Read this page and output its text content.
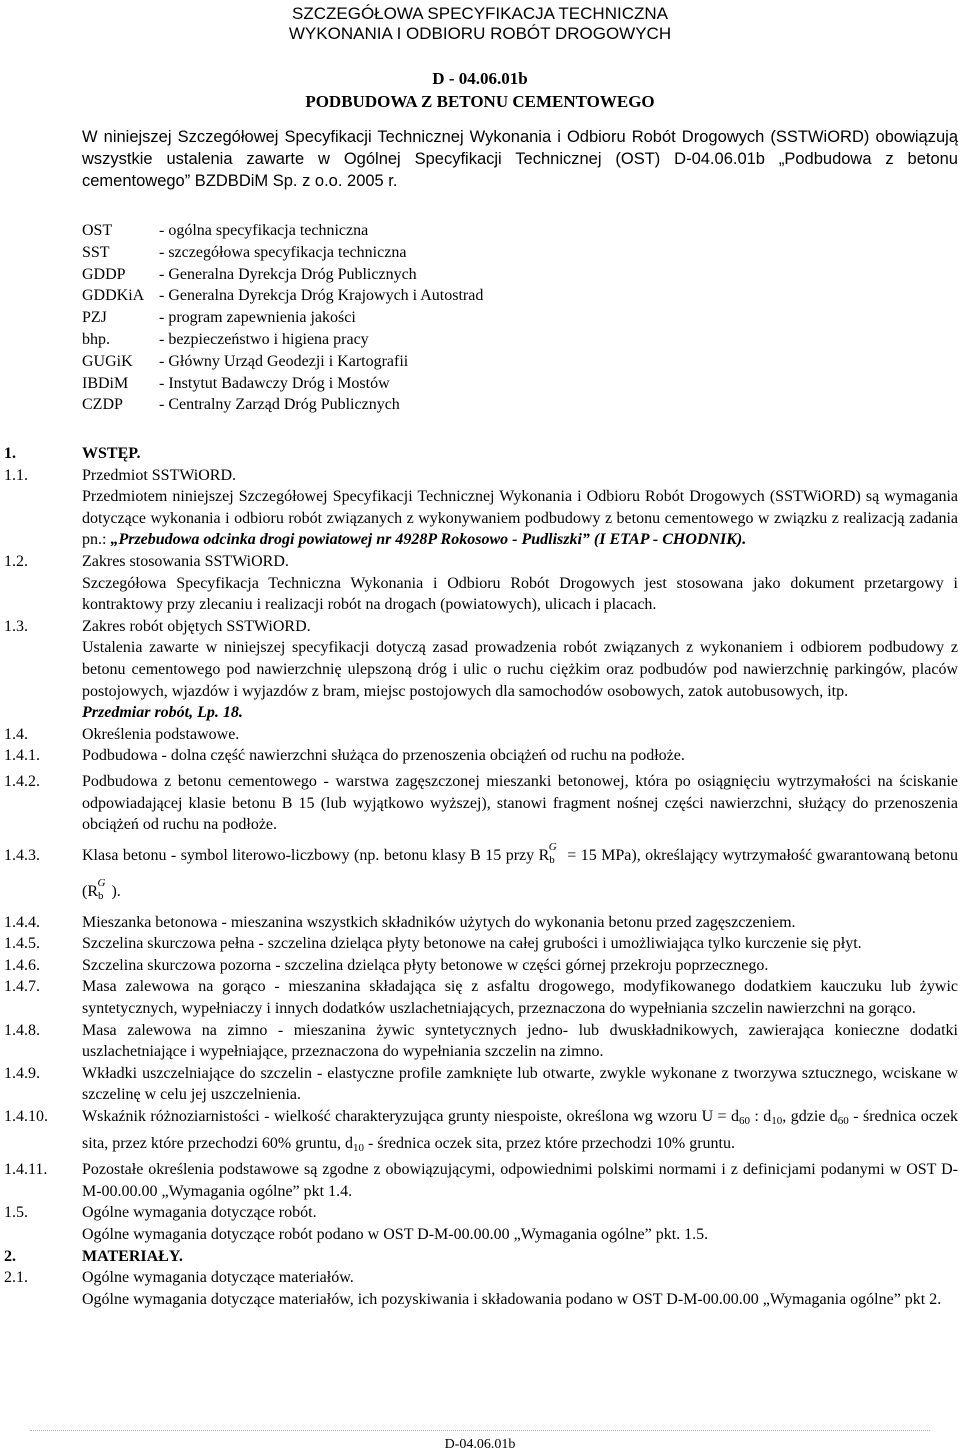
SZCZEGÓŁOWA SPECYFIKACJA TECHNICZNA
WYKONANIA I ODBIORU ROBÓT DROGOWYCH
D - 04.06.01b
PODBUDOWA Z BETONU CEMENTOWEGO
W niniejszej Szczegółowej Specyfikacji Technicznej Wykonania i Odbioru Robót Drogowych (SSTWiORD) obowiązują wszystkie ustalenia zawarte w Ogólnej Specyfikacji Technicznej (OST) D-04.06.01b „Podbudowa z betonu cementowego” BZDBDiM Sp. z o.o. 2005 r.
OST	- ogólna specyfikacja techniczna
SST	- szczegółowa specyfikacja techniczna
GDDP	- Generalna Dyrekcja Dróg Publicznych
GDDKiA - Generalna Dyrekcja Dróg Krajowych i Autostrad
PZJ	- program zapewnienia jakości
bhp.	- bezpieczeństwo i higiena pracy
GUGiK	- Główny Urząd Geodezji i Kartografii
IBDiM	- Instytut Badawczy Dróg i Mostów
CZDP	- Centralny Zarząd Dróg Publicznych
1.	WSTĘP.
1.1.	Przedmiot SSTWiORD.
Przedmiotem niniejszej Szczegółowej Specyfikacji Technicznej Wykonania i Odbioru Robót Drogowych (SSTWiORD) są wymagania dotyczące wykonania i odbioru robót związanych z wykonywaniem podbudowy z betonu cementowego w związku z realizacją zadania pn.: „Przebudowa odcinka drogi powiatowej nr 4928P Rokosowo - Pudliszki” (I ETAP - CHODNIK).
1.2.	Zakres stosowania SSTWiORD.
Szczegółowa Specyfikacja Techniczna Wykonania i Odbioru Robót Drogowych jest stosowana jako dokument przetargowy i kontraktowy przy zlecaniu i realizacji robót na drogach (powiatowych), ulicach i placach.
1.3.	Zakres robót objętych SSTWiORD.
Ustalenia zawarte w niniejszej specyfikacji dotyczą zasad prowadzenia robót związanych z wykonaniem i odbiorem podbudowy z betonu cementowego pod nawierzchnię ulepszoną dróg i ulic o ruchu ciężkim oraz podbudów pod nawierzchnię parkingów, placów postojowych, wjazdów i wyjazdów z bram, miejsc postojowych dla samochodów osobowych, zatok autobusowych, itp.
Przedmiar robót, Lp. 18.
1.4.	Określenia podstawowe.
1.4.1.	Podbudowa - dolna część nawierzchni służąca do przenoszenia obciążeń od ruchu na podłoże.
1.4.2.	Podbudowa z betonu cementowego - warstwa zagęszczonej mieszanki betonowej, która po osiągnięciu wytrzymałości na ściskanie odpowiadającej klasie betonu B 15 (lub wyjątkowo wyższej), stanowi fragment nośnej części nawierzchni, służący do przenoszenia obciążeń od ruchu na podłoże.
1.4.3.	Klasa betonu - symbol literowo-liczbowy (np. betonu klasy B 15 przy $R_b^G = 15$ MPa), określający wytrzymałość gwarantowaną betonu ($R_b^G$ ).
1.4.4.	Mieszanka betonowa - mieszanina wszystkich składników użytych do wykonania betonu przed zagęszczeniem.
1.4.5.	Szczelina skurczowa pełna - szczelina dzieląca płyty betonowe na całej grubości i umożliwiająca tylko kurczenie się płyt.
1.4.6.	Szczelina skurczowa pozorna - szczelina dzieląca płyty betonowe w części górnej przekroju poprzecznego.
1.4.7.	Masa zalewowa na gorąco - mieszanina składająca się z asfaltu drogowego, modyfikowanego dodatkiem kauczuku lub żywic syntetycznych, wypełniaczy i innych dodatków uszlachetniających, przeznaczona do wypełniania szczelin nawierzchni na gorąco.
1.4.8.	Masa zalewowa na zimno - mieszanina żywic syntetycznych jedno- lub dwuskładnikowych, zawierająca konieczne dodatki uszlachetniające i wypełniające, przeznaczona do wypełniania szczelin na zimno.
1.4.9.	Wkładki uszczelniające do szczelin - elastyczne profile zamknięte lub otwarte, zwykle wykonane z tworzywa sztucznego, wciskane w szczelinę w celu jej uszczelnienia.
1.4.10.	Wskaźnik różnoziarnistości - wielkość charakteryzująca grunty niespoiste, określona wg wzoru U = d60 : d10, gdzie d60 - średnica oczek sita, przez które przechodzi 60% gruntu, d10 - średnica oczek sita, przez które przechodzi 10% gruntu.
1.4.11.	Pozostałe określenia podstawowe są zgodne z obowiązującymi, odpowiednimi polskimi normami i z definicjami podanymi w OST D-M-00.00.00 „Wymagania ogólne” pkt 1.4.
1.5.	Ogólne wymagania dotyczące robót.
Ogólne wymagania dotyczące robót podano w OST D-M-00.00.00 „Wymagania ogólne” pkt. 1.5.
2.	MATERIAŁY.
2.1.	Ogólne wymagania dotyczące materiałów.
Ogólne wymagania dotyczące materiałów, ich pozyskiwania i składowania podano w OST D-M-00.00.00 „Wymagania ogólne” pkt 2.
D-04.06.01b
